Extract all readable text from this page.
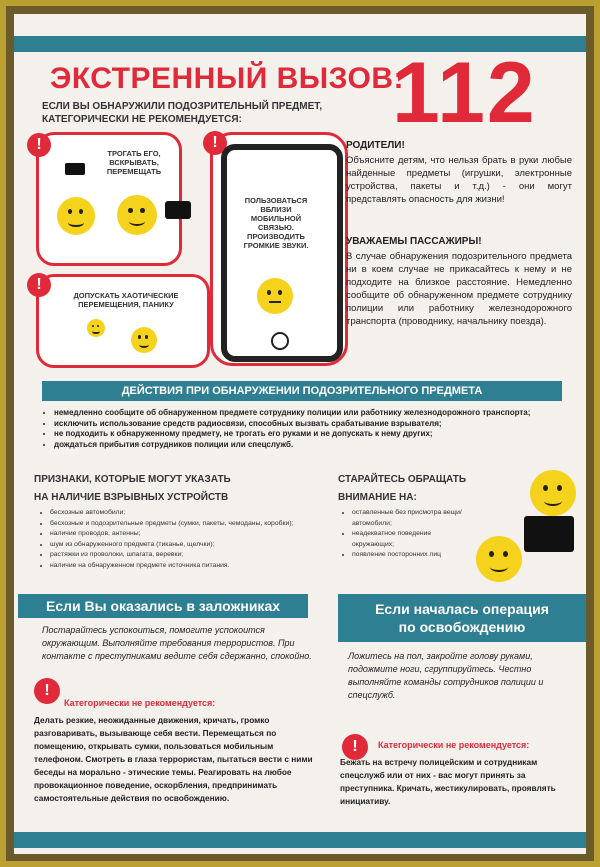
ЭКСТРЕННЫЙ ВЫЗОВ:
112
ЕСЛИ ВЫ ОБНАРУЖИЛИ ПОДОЗРИТЕЛЬНЫЙ ПРЕДМЕТ, КАТЕГОРИЧЕСКИ НЕ РЕКОМЕНДУЕТСЯ:
!
ТРОГАТЬ ЕГО, ВСКРЫВАТЬ, ПЕРЕМЕЩАТЬ
!
ДОПУСКАТЬ ХАОТИЧЕСКИЕ ПЕРЕМЕЩЕНИЯ, ПАНИКУ
!
ПОЛЬЗОВАТЬСЯ ВБЛИЗИ МОБИЛЬНОЙ СВЯЗЬЮ. ПРОИЗВОДИТЬ ГРОМКИЕ ЗВУКИ.
РОДИТЕЛИ!
Объясните детям, что нельзя брать в руки любые найденные предметы (игрушки, электронные устройства, пакеты и т.д.) - они могут представлять опасность для жизни!
УВАЖАЕМЫ ПАССАЖИРЫ!
В случае обнаружения подозрительного предмета ни в коем случае не прикасайтесь к нему и не подходите на близкое расстояние. Немедленно сообщите об обнаруженном предмете сотруднику полиции или работнику железнодорожного транспорта (проводнику, начальнику поезда).
ДЕЙСТВИЯ ПРИ ОБНАРУЖЕНИИ ПОДОЗРИТЕЛЬНОГО ПРЕДМЕТА
• немедленно сообщите об обнаруженном предмете сотруднику полиции или работнику железнодорожного транспорта;
• исключить использование средств радиосвязи, способных вызвать срабатывание взрывателя;
• не подходить к обнаруженному предмету, не трогать его руками и не допускать к нему других;
• дождаться прибытия сотрудников полиции или спецслужб.
ПРИЗНАКИ, КОТОРЫЕ МОГУТ УКАЗАТЬ
НА НАЛИЧИЕ ВЗРЫВНЫХ УСТРОЙСТВ
• бесхозные автомобили;
• бесхозные и подозрительные предметы (сумки, пакеты, чемоданы, коробки);
• наличие проводов, антенны;
• шум из обнаруженного предмета (тиканье, щелчки);
• растяжки из проволоки, шпагата, веревки;
• наличие на обнаруженном предмете источника питания.
СТАРАЙТЕСЬ ОБРАЩАТЬ
ВНИМАНИЕ НА:
• оставленные без присмотра вещи/автомобили;
• неадекватное поведение окружающих;
• появление посторонних лиц
Если Вы оказались в заложниках
Постарайтесь успокоиться, помогите успокоится окружающим. Выполняйте требования террористов. При контакте с преступниками ведите себя сдержанно, спокойно.
!
Категорически не рекомендуется:
Делать резкие, неожиданные движения, кричать, громко разговаривать, вызывающе себя вести. Перемещаться по помещению, открывать сумки, пользоваться мобильным телефоном. Смотреть в глаза террористам, пытаться вести с ними беседы на морально - этические темы. Реагировать на любое провокационное поведение, оскорбления, предпринимать самостоятельные действия по освобождению.
Если началась операция
по освобождению
Ложитесь на пол, закройте голову руками, подожмите ноги, сгруппируйтесь. Честно выполняйте команды сотрудников полиции и спецслужб.
!	Категорически не рекомендуется:
Бежать на встречу полицейским и сотрудникам спецслужб или от них - вас могут принять за преступника. Кричать, жестикулировать, проявлять инициативу.
